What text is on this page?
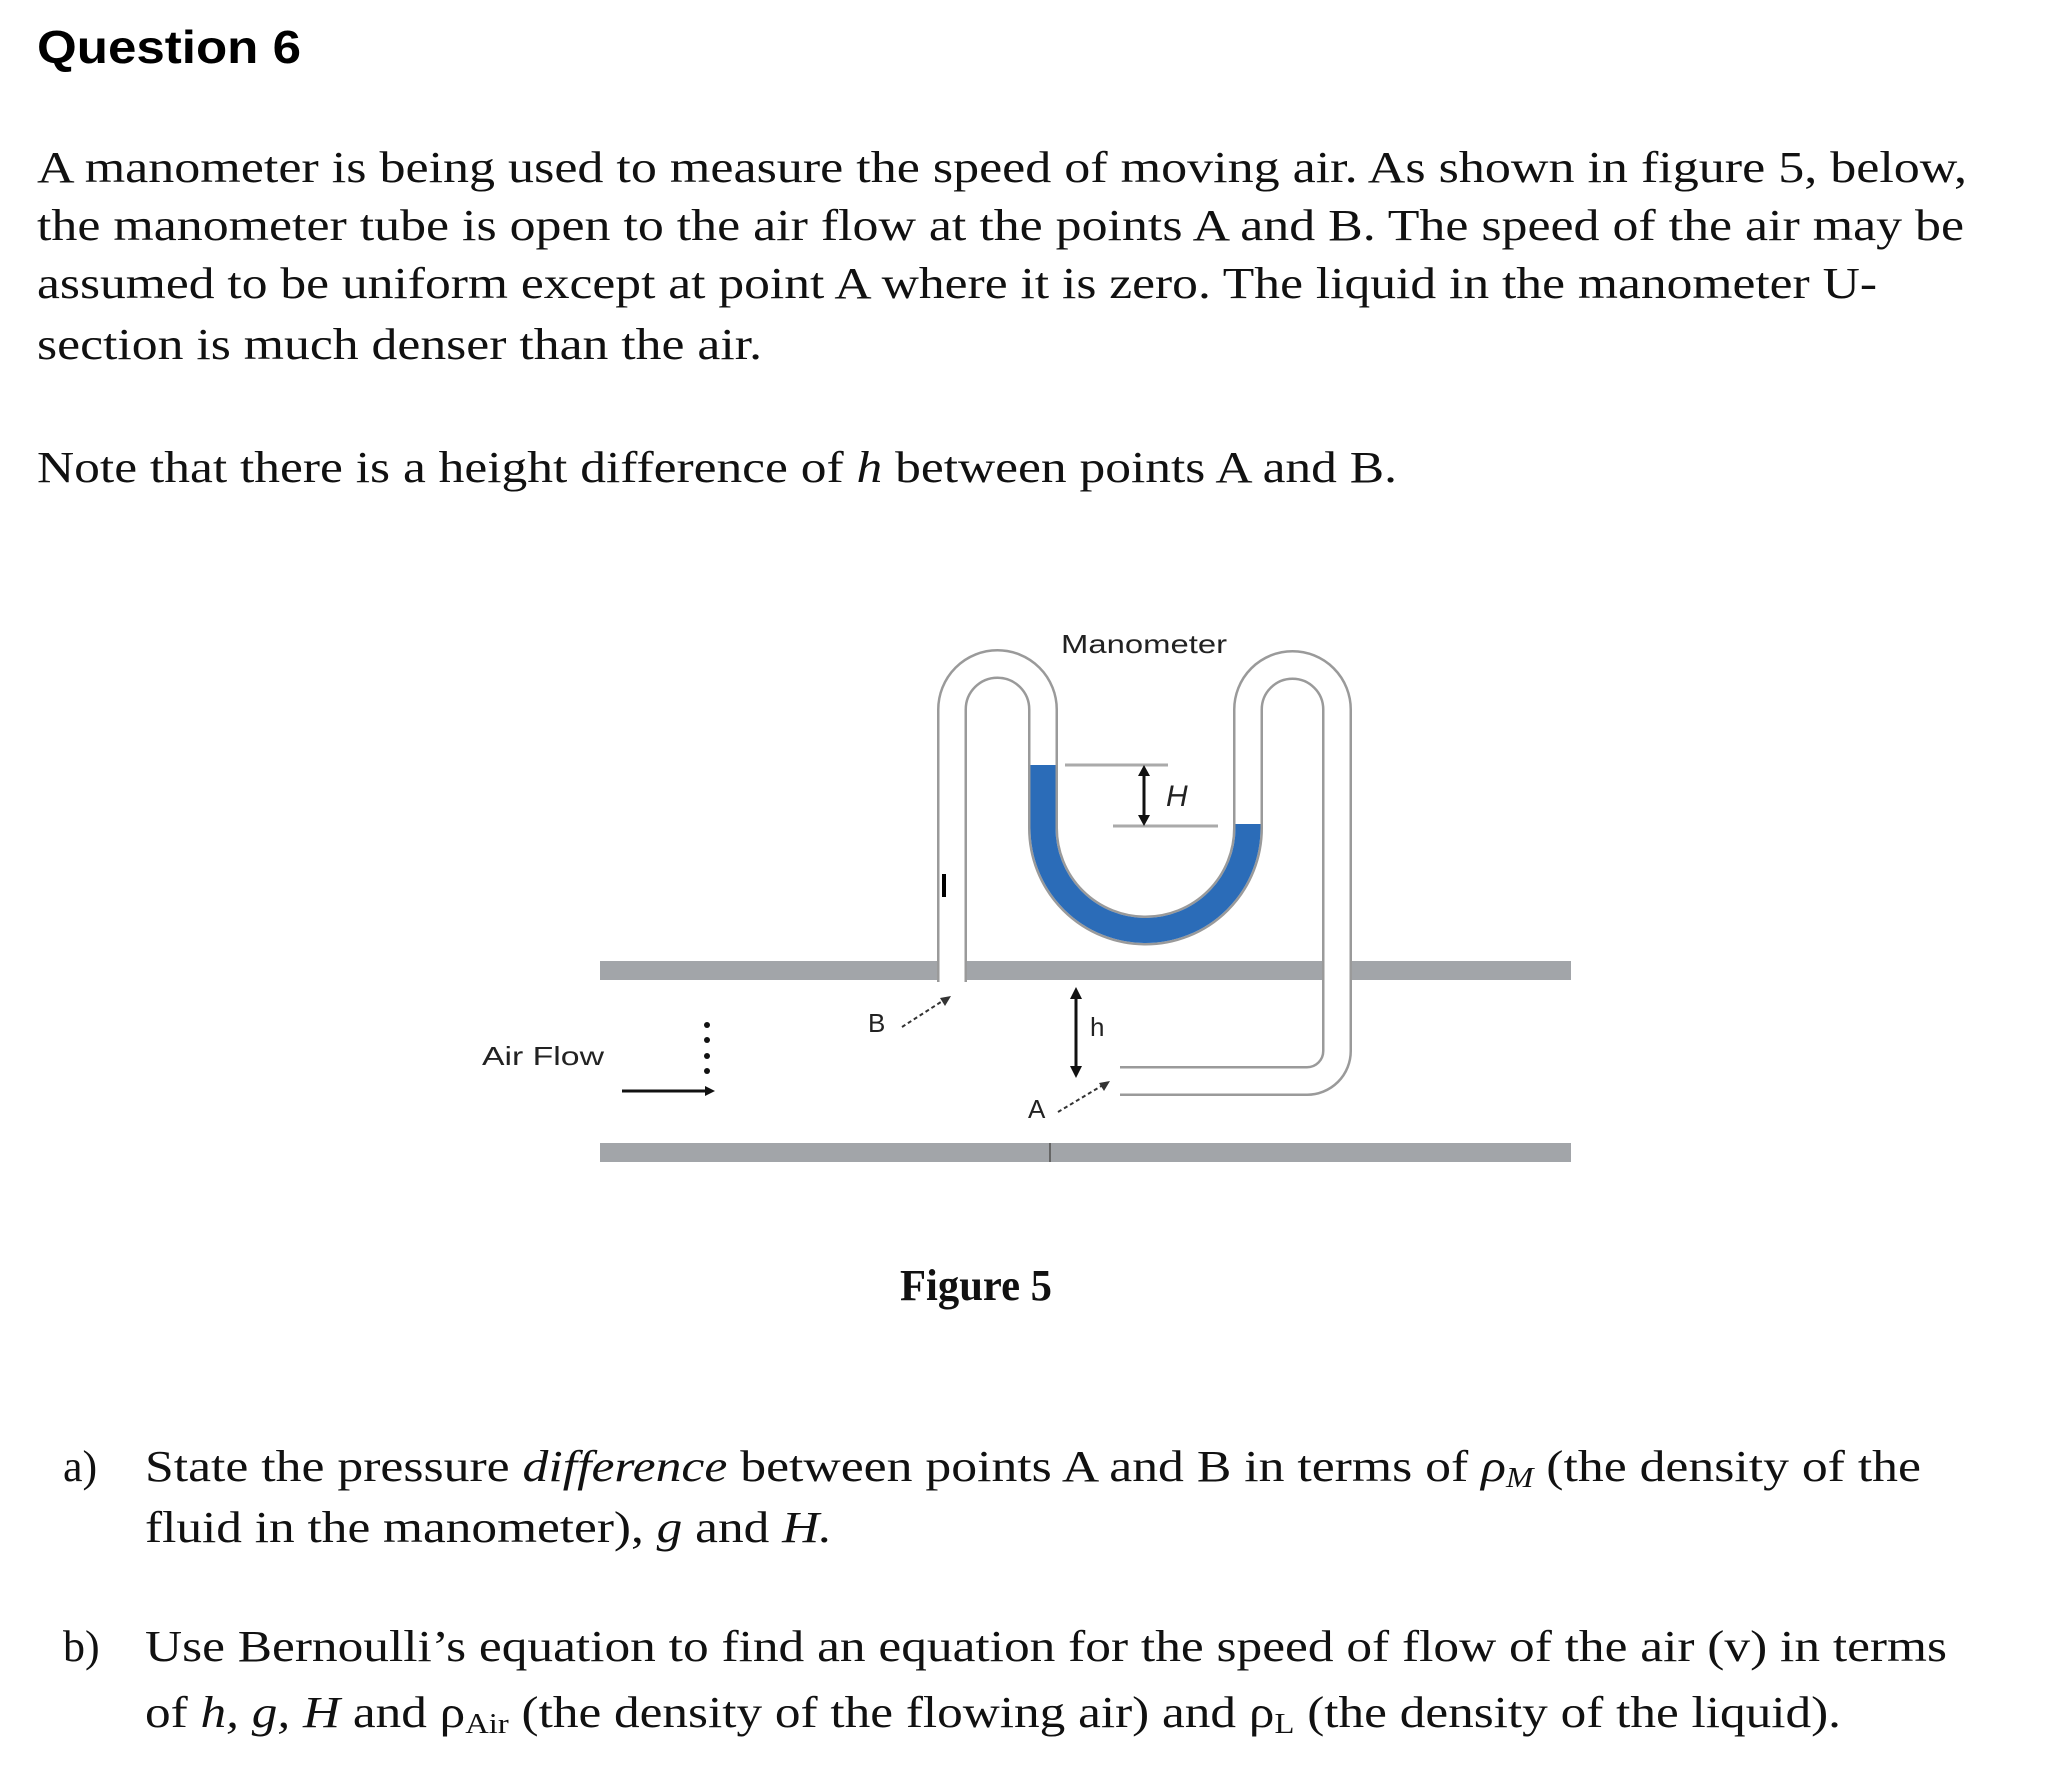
Question 6
A manometer is being used to measure the speed of moving air. As shown in figure 5, below,
the manometer tube is open to the air flow at the points A and B. The speed of the air may be
assumed to be uniform except at point A where it is zero. The liquid in the manometer U-
section is much denser than the air.
Note that there is a height difference of	h between points A and B.
Manometer
H
h
B
A
Air Flow
Figure 5
a) State the pressure difference between points A and B in terms of	ρ M (the density of the
fluid in the manometer), g and H.
b) Use Bernoulli’s equation to find an equation for the speed of flow of the air (v) in terms
of h, g, H and ρ Air (the density of the flowing air) and ρ L (the density of the liquid).
